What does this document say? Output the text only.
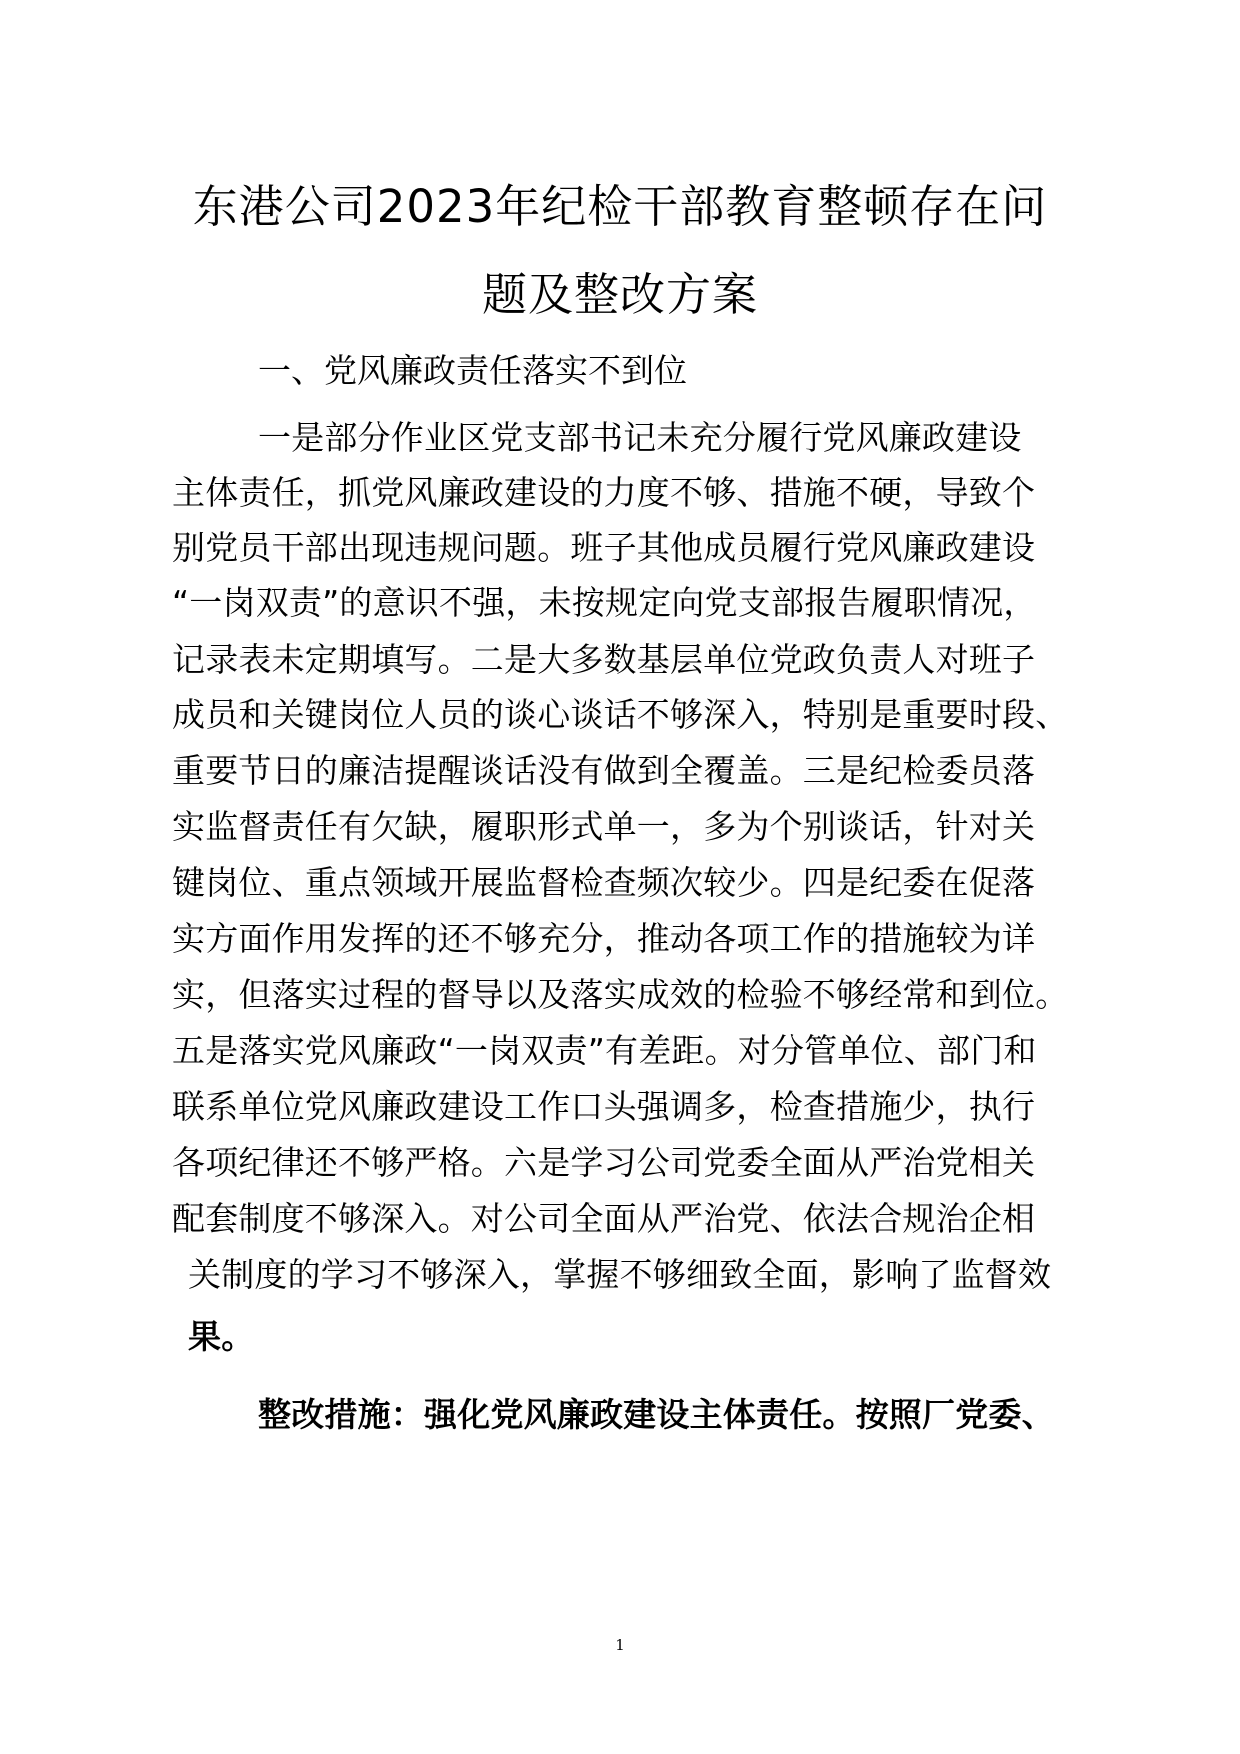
东港公司2023年纪检干部教育整顿存在问
题及整改方案
一、党风廉政责任落实不到位
一是部分作业区党支部书记未充分履行党风廉政建设
主体责任，抓党风廉政建设的力度不够、措施不硬，导致个
别党员干部出现违规问题。班子其他成员履行党风廉政建设
“一岗双责”的意识不强，未按规定向党支部报告履职情况，
记录表未定期填写。二是大多数基层单位党政负责人对班子
成员和关键岗位人员的谈心谈话不够深入，特别是重要时段、
重要节日的廉洁提醒谈话没有做到全覆盖。三是纪检委员落
实监督责任有欠缺，履职形式单一，多为个别谈话，针对关
键岗位、重点领域开展监督检查频次较少。四是纪委在促落
实方面作用发挥的还不够充分，推动各项工作的措施较为详
实，但落实过程的督导以及落实成效的检验不够经常和到位。
五是落实党风廉政“一岗双责”有差距。对分管单位、部门和
联系单位党风廉政建设工作口头强调多，检查措施少，执行
各项纪律还不够严格。六是学习公司党委全面从严治党相关
配套制度不够深入。对公司全面从严治党、依法合规治企相
关制度的学习不够深入，掌握不够细致全面，影响了监督效
果。
整改措施：强化党风廉政建设主体责任。按照厂党委、
1
